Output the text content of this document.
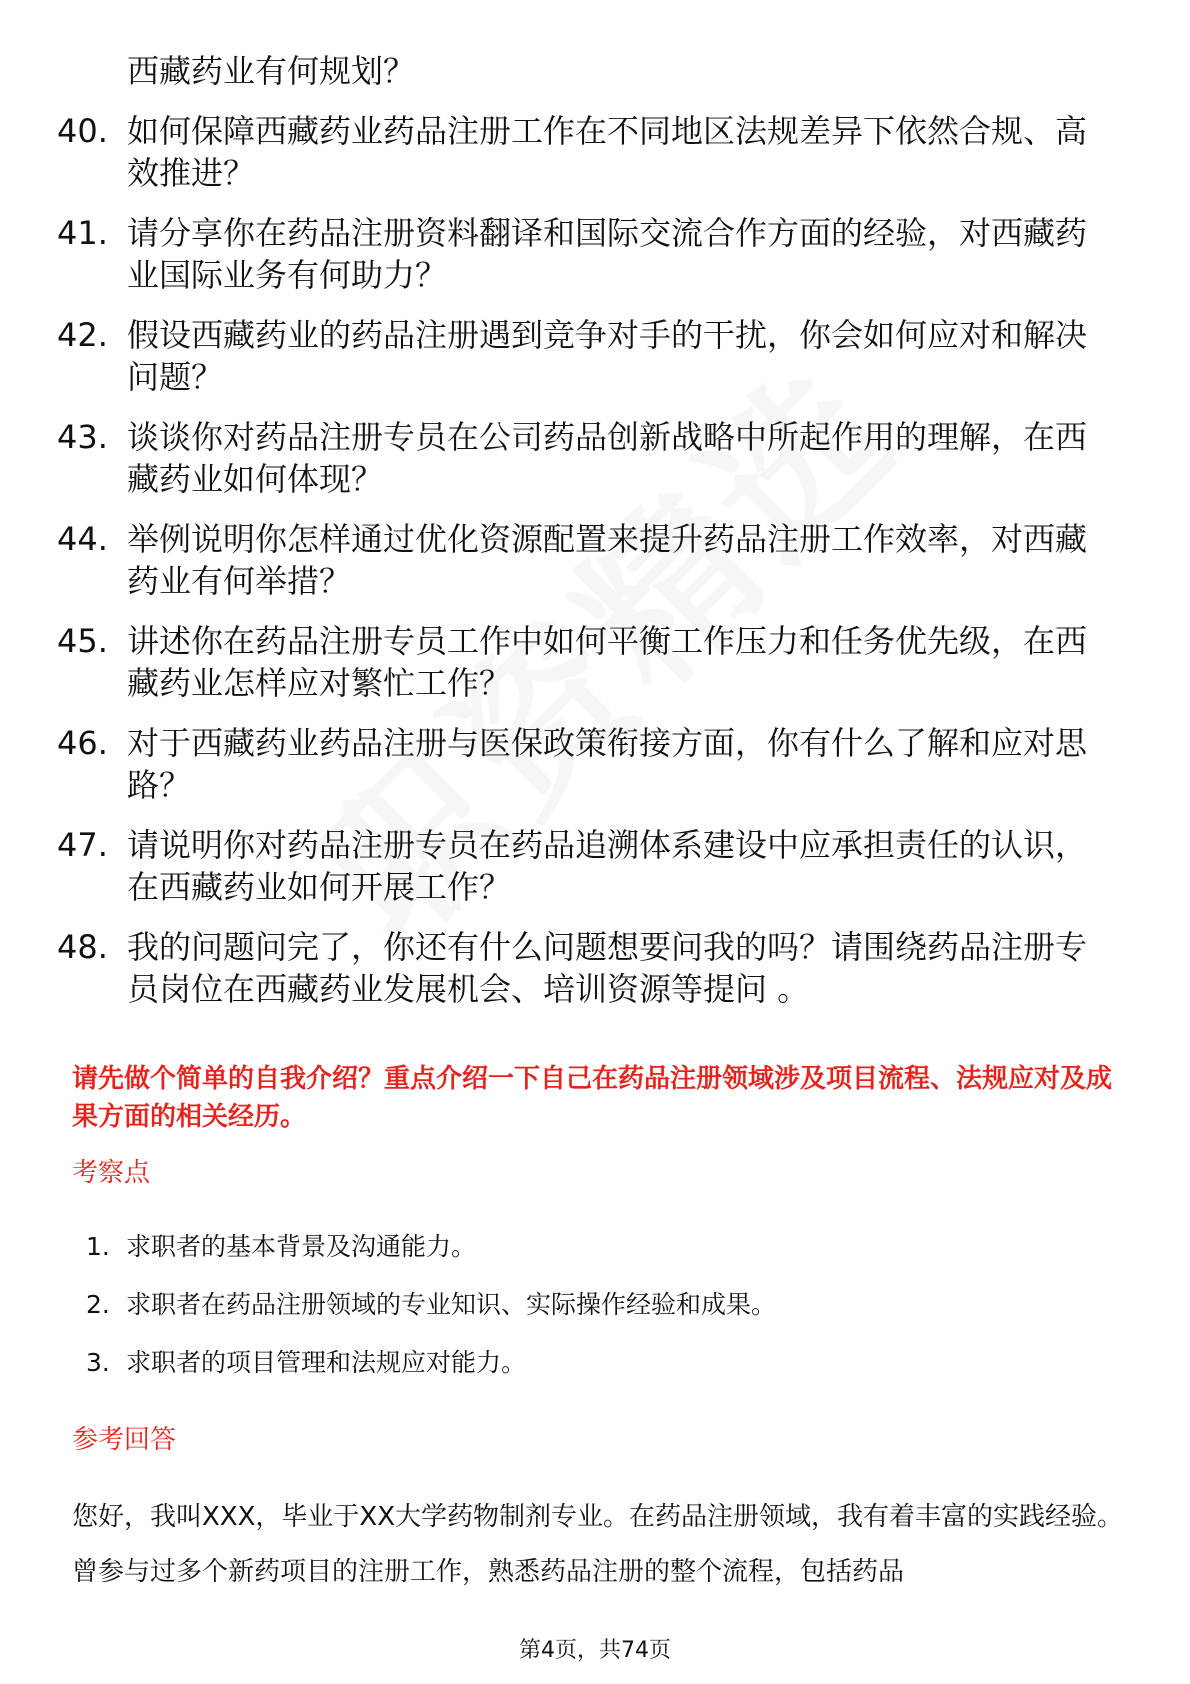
西藏药业有何规划？
40. 如何保障西藏药业药品注册工作在不同地区法规差异下依然合规、高效推进？
41. 请分享你在药品注册资料翻译和国际交流合作方面的经验，对西藏药业国际业务有何助力？
42. 假设西藏药业的药品注册遇到竞争对手的干扰，你会如何应对和解决问题？
43. 谈谈你对药品注册专员在公司药品创新战略中所起作用的理解，在西藏药业如何体现？
44. 举例说明你怎样通过优化资源配置来提升药品注册工作效率，对西藏药业有何举措？
45. 讲述你在药品注册专员工作中如何平衡工作压力和任务优先级，在西藏药业怎样应对繁忙工作？
46. 对于西藏药业药品注册与医保政策衔接方面，你有什么了解和应对思路？
47. 请说明你对药品注册专员在药品追溯体系建设中应承担责任的认识，在西藏药业如何开展工作？
48. 我的问题问完了，你还有什么问题想要问我的吗？请围绕药品注册专员岗位在西藏药业发展机会、培训资源等提问 。

请先做个简单的自我介绍？重点介绍一下自己在药品注册领域涉及项目流程、法规应对及成果方面的相关经历。

考察点
1. 求职者的基本背景及沟通能力。
2. 求职者在药品注册领域的专业知识、实际操作经验和成果。
3. 求职者的项目管理和法规应对能力。
参考回答

您好，我叫XXX，毕业于XX大学药物制剂专业。在药品注册领域，我有着丰富的实践经验。曾参与过多个新药项目的注册工作，熟悉药品注册的整个流程，包括药品

第4页，共74页
